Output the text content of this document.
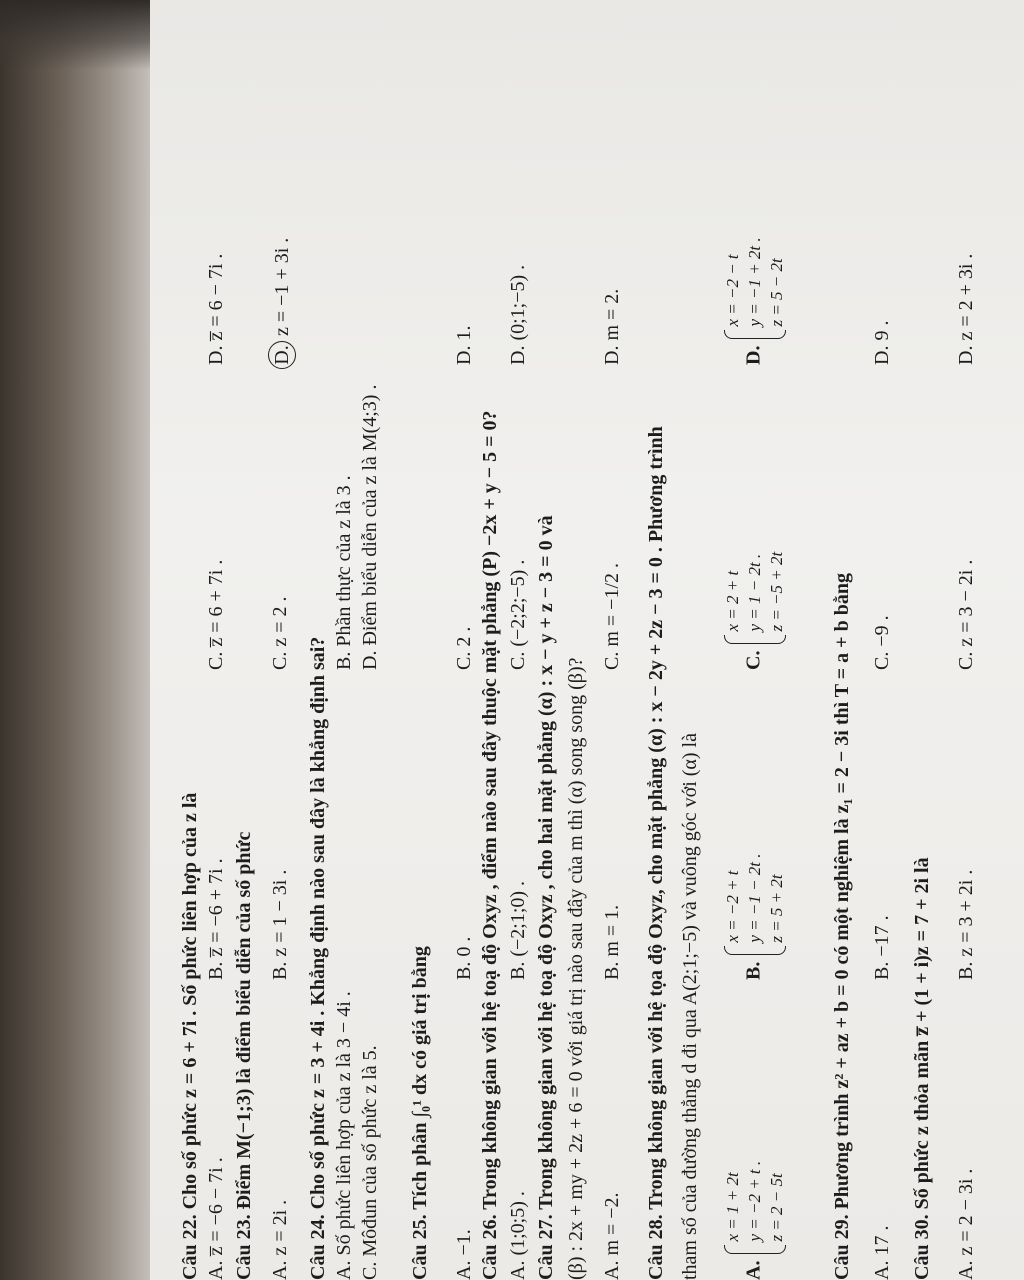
Câu 22. Cho số phức z = 6 + 7i . Số phức liên hợp của z là A. z̅ = −6 − 7i .
B. z̅ = −6 + 7i .
C. z̅ = 6 + 7i .
D. z̅ = 6 − 7i .
Câu 23. Điểm M(−1;3) là điểm biểu diễn của số phức A. z = 2i .
B. z = 1 − 3i .
C. z = 2 .
D. z = −1 + 3i .
Câu 24. Cho số phức z = 3 + 4i . Khẳng định nào sau đây là khẳng định sai? A. Số phức liên hợp của z là 3 − 4i .
B. Phần thực của z là 3 .
C. Môđun của số phức z là 5.
D. Điểm biểu diễn của z là M(4;3) .
Câu 25. Tích phân ∫₀¹ dx có giá trị bằng A. −1.
B. 0 .
C. 2 .
D. 1.
Câu 26. Trong không gian với hệ toạ độ Oxyz , điểm nào sau đây thuộc mặt phẳng (P) −2x + y − 5 = 0? A. (1;0;5) .
B. (−2;1;0) .
C. (−2;2;−5) .
D. (0;1;−5) .
Câu 27. Trong không gian với hệ toạ độ Oxyz , cho hai mặt phẳng (α) : x − y + z − 3 = 0 và (β) : 2x + my + 2z + 6 = 0 với giá trị nào sau đây của m thì (α) song song (β)? A. m = −2.
B. m = 1.
C. m = −1/2 .
D. m = 2.
Câu 28. Trong không gian với hệ tọa độ Oxyz, cho mặt phẳng (α) : x − 2y + 2z − 3 = 0 . Phương trình tham số của đường thẳng d đi qua A(2;1;−5) và vuông góc với (α) là	A.
x = 1 + 2t y = −2 + t . z = 2 − 5t
B.
x = −2 + t y = −1 − 2t . z = 5 + 2t
C.
x = 2 + t y = 1 − 2t . z = −5 + 2t
D.
x = −2 − t y = −1 + 2t . z = 5 − 2t
Câu 29. Phương trình z² + az + b = 0 có một nghiệm là z₁ = 2 − 3i thì T = a + b bằng A. 17 .
B. −17 .
C. −9 .
D. 9 .
Câu 30. Số phức z thỏa mãn z̅ + (1 + i)z = 7 + 2i là A. z = 2 − 3i .
B. z = 3 + 2i .
C. z = 3 − 2i .
D. z = 2 + 3i .
